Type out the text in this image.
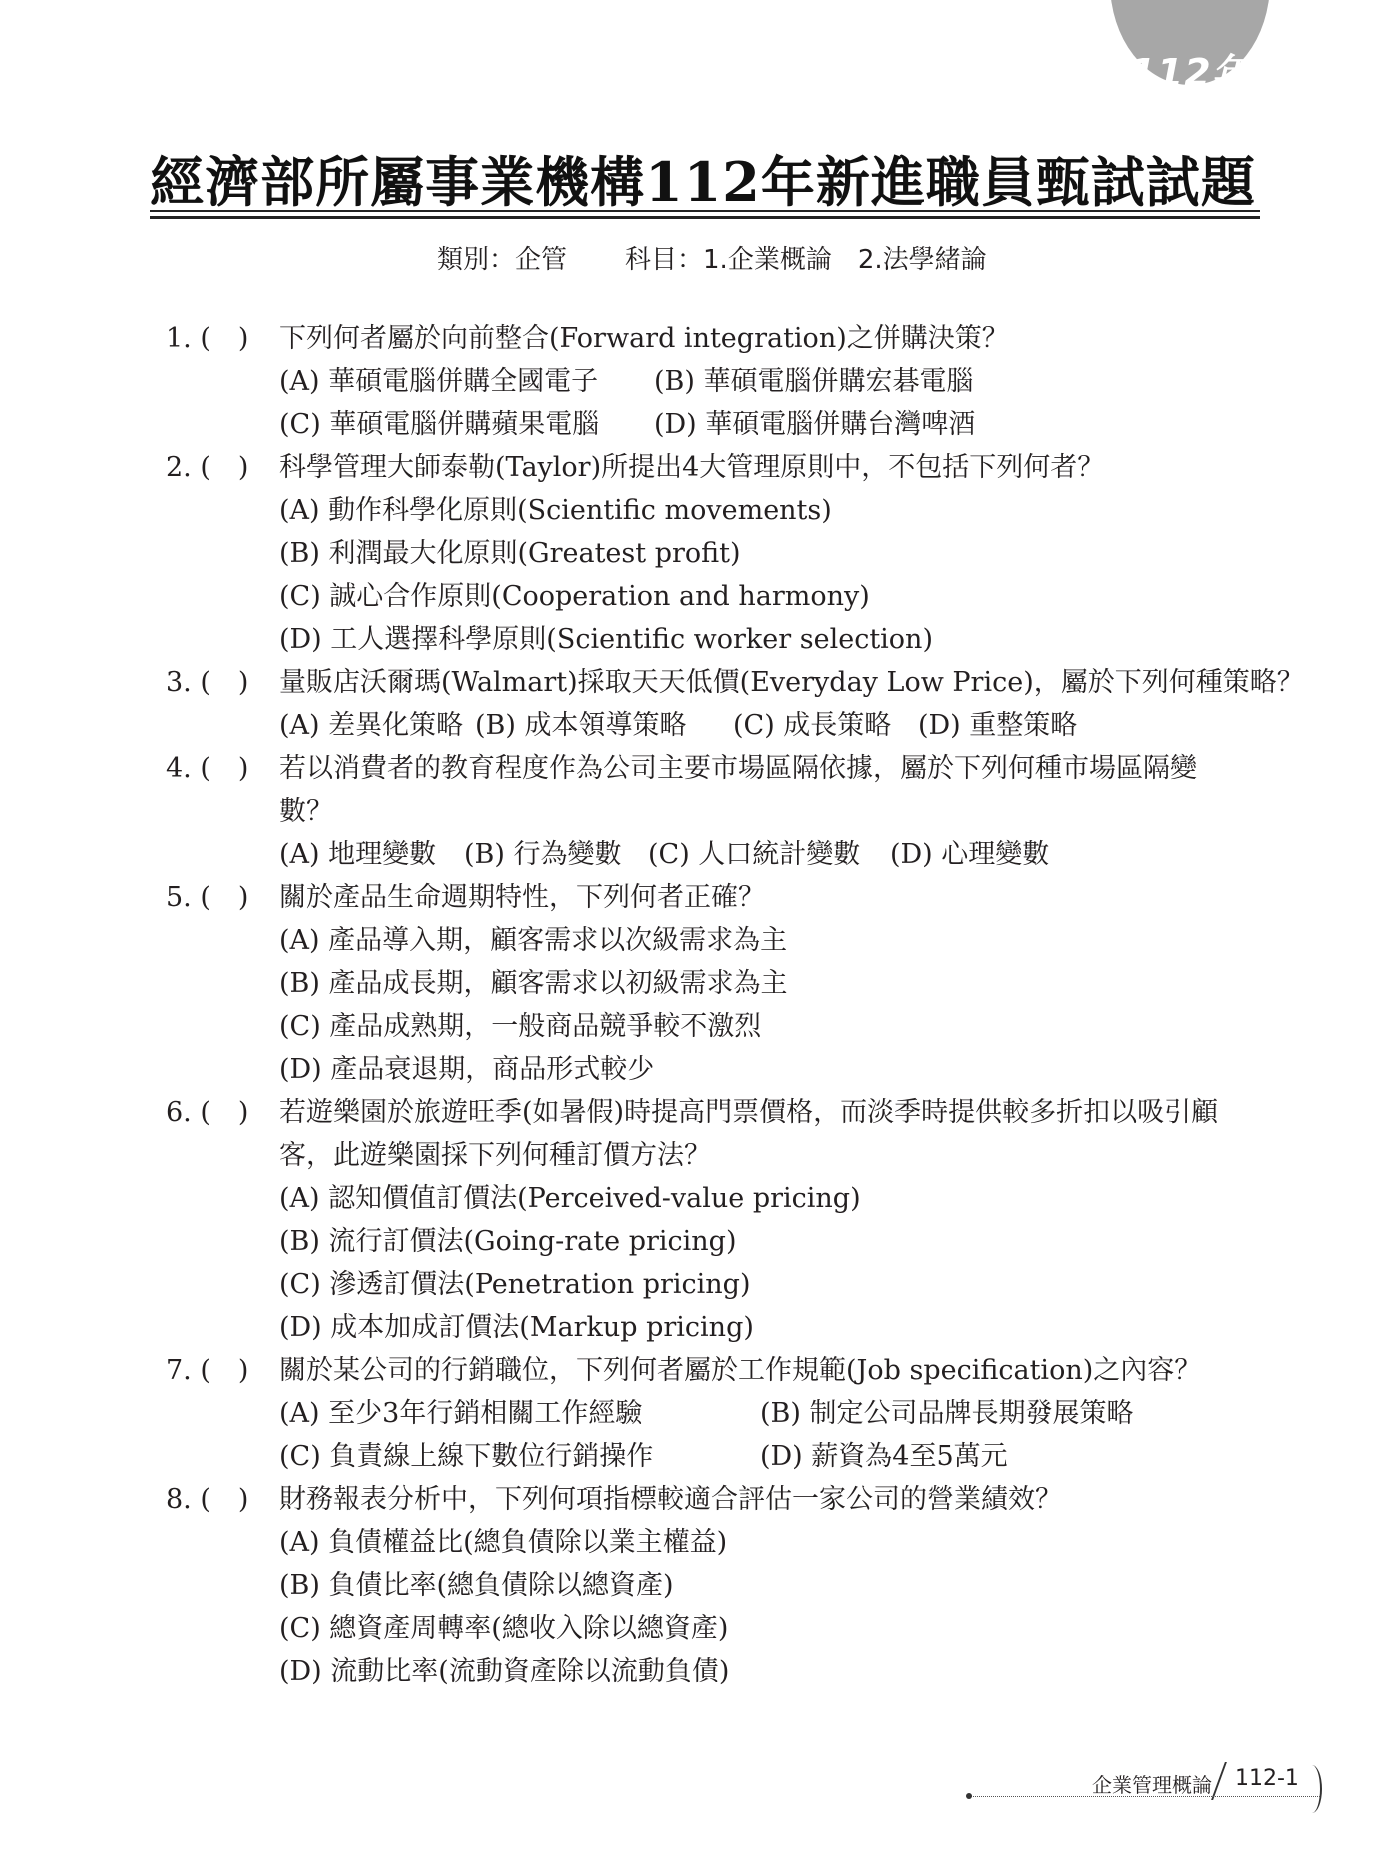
112年
經濟部所屬事業機構112年新進職員甄試試題
類別：企管 科目：1.企業概論　2.法學緒論
1. (　) 下列何者屬於向前整合(Forward integration)之併購決策？
(A) 華碩電腦併購全國電子 (B) 華碩電腦併購宏碁電腦
(C) 華碩電腦併購蘋果電腦 (D) 華碩電腦併購台灣啤酒
2. (　) 科學管理大師泰勒(Taylor)所提出4大管理原則中，不包括下列何者？
(A) 動作科學化原則(Scientific movements)
(B) 利潤最大化原則(Greatest profit)
(C) 誠心合作原則(Cooperation and harmony)
(D) 工人選擇科學原則(Scientific worker selection)
3. (　) 量販店沃爾瑪(Walmart)採取天天低價(Everyday Low Price)，屬於下列何種策略？
(A) 差異化策略 (B) 成本領導策略 (C) 成長策略 (D) 重整策略
4. (　) 若以消費者的教育程度作為公司主要市場區隔依據，屬於下列何種市場區隔變
數？
(A) 地理變數 (B) 行為變數 (C) 人口統計變數 (D) 心理變數
5. (　) 關於產品生命週期特性，下列何者正確？
(A) 產品導入期，顧客需求以次級需求為主
(B) 產品成長期，顧客需求以初級需求為主
(C) 產品成熟期，一般商品競爭較不激烈
(D) 產品衰退期，商品形式較少
6. (　) 若遊樂園於旅遊旺季(如暑假)時提高門票價格，而淡季時提供較多折扣以吸引顧
客，此遊樂園採下列何種訂價方法？
(A) 認知價值訂價法(Perceived-value pricing)
(B) 流行訂價法(Going-rate pricing)
(C) 滲透訂價法(Penetration pricing)
(D) 成本加成訂價法(Markup pricing)
7. (　) 關於某公司的行銷職位，下列何者屬於工作規範(Job specification)之內容？
(A) 至少3年行銷相關工作經驗	(B) 制定公司品牌長期發展策略
(C) 負責線上線下數位行銷操作	(D) 薪資為4至5萬元
8. (　) 財務報表分析中，下列何項指標較適合評估一家公司的營業績效？
(A) 負債權益比(總負債除以業主權益)
(B) 負債比率(總負債除以總資產)
(C) 總資產周轉率(總收入除以總資產)
(D) 流動比率(流動資產除以流動負債)
企業管理概論 112-1
